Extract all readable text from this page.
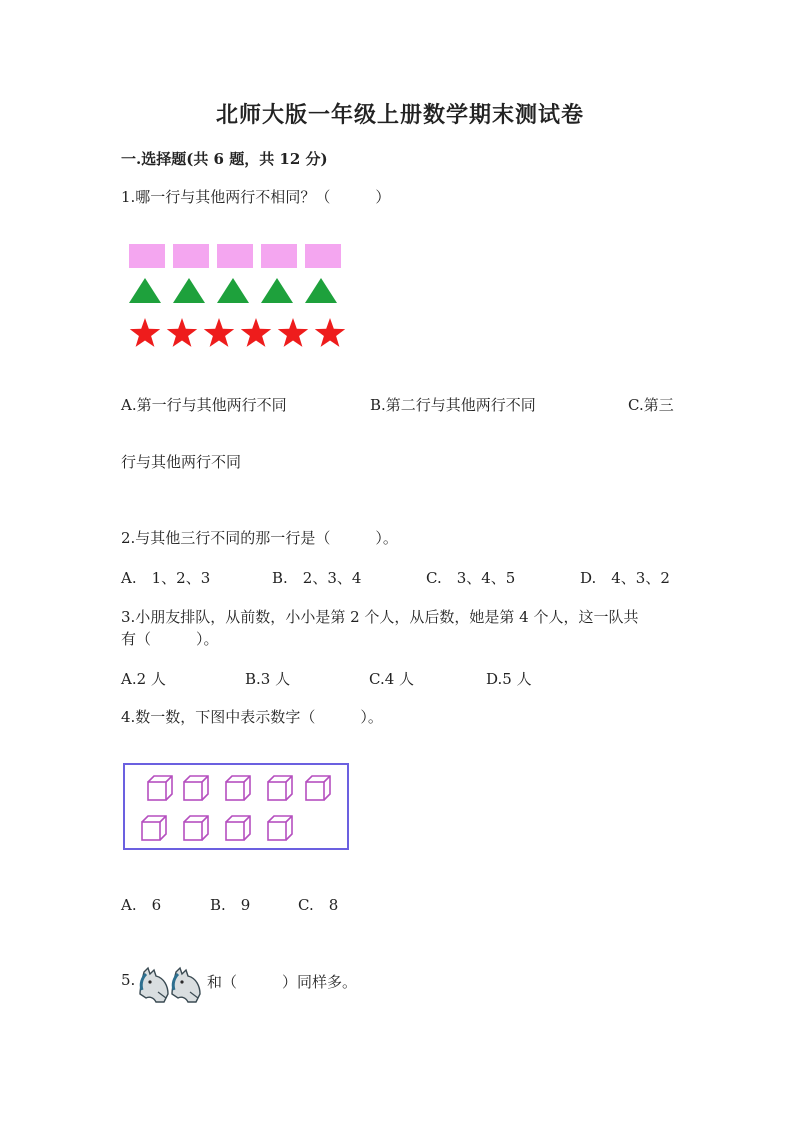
北师大版一年级上册数学期末测试卷
一.选择题(共 6 题，共 12 分)
1.哪一行与其他两行不相同？（　　　）
A.第一行与其他两行不同	B.第二行与其他两行不同	C.第三
行与其他两行不同
2.与其他三行不同的那一行是（　　　）。
A.　1、2、3	B.　2、3、4	C.　3、4、5	D.　4、3、2
3.小朋友排队，从前数，小小是第 2 个人，从后数，她是第 4 个人，这一队共
有（　　　）。
A.2 人	B.3 人	C.4 人	D.5 人
4.数一数，下图中表示数字（　　　）。
A.　6	B.　9	C.　8
5.	和（　　　）同样多。
